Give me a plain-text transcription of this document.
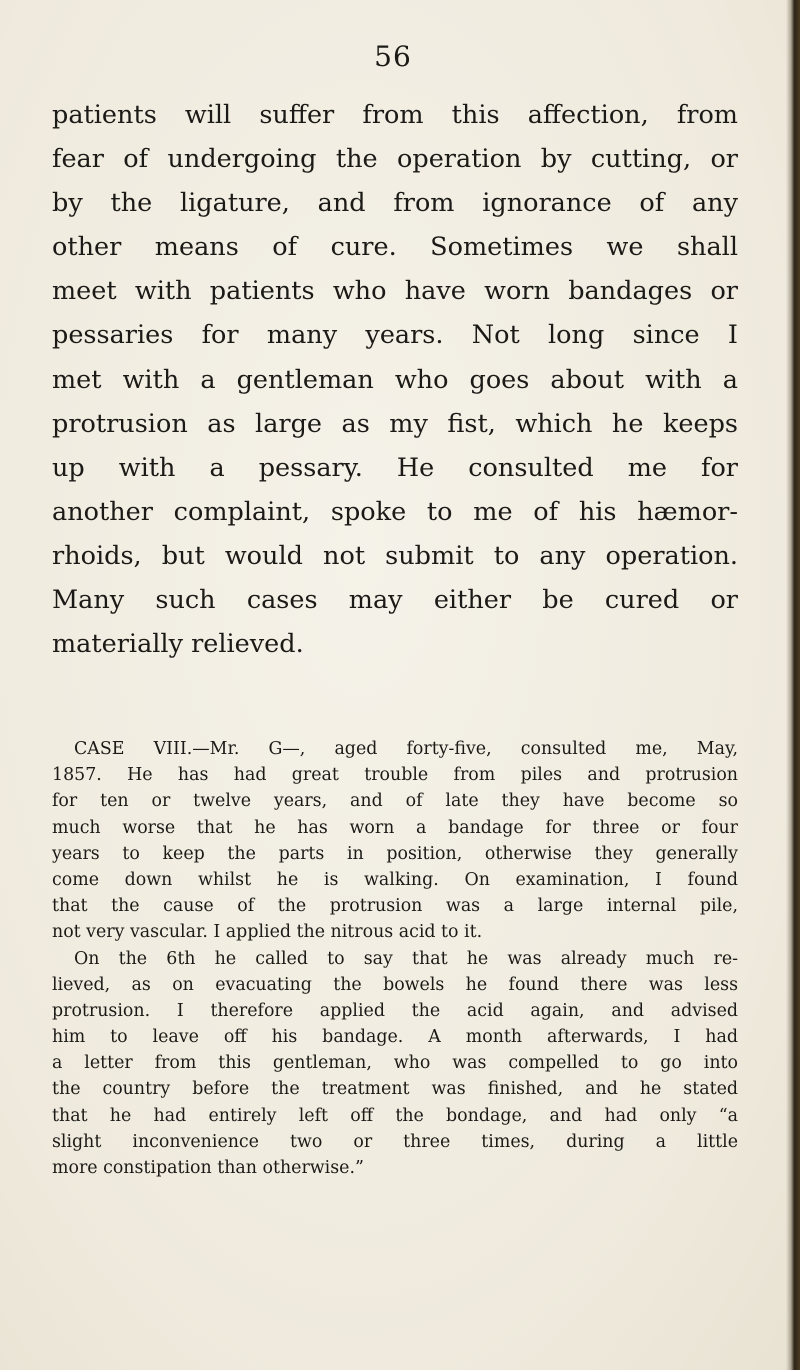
56
patients will suffer from this affection, from
fear of undergoing the operation by cutting, or
by the ligature, and from ignorance of any
other means of cure. Sometimes we shall
meet with patients who have worn bandages or
pessaries for many years. Not long since I
met with a gentleman who goes about with a
protrusion as large as my fist, which he keeps
up with a pessary. He consulted me for
another complaint, spoke to me of his hæmor-
rhoids, but would not submit to any operation.
Many such cases may either be cured or
materially relieved.
CASE VIII.—Mr. G—, aged forty-five, consulted me, May,
1857. He has had great trouble from piles and protrusion
for ten or twelve years, and of late they have become so
much worse that he has worn a bandage for three or four
years to keep the parts in position, otherwise they generally
come down whilst he is walking. On examination, I found
that the cause of the protrusion was a large internal pile,
not very vascular. I applied the nitrous acid to it.
On the 6th he called to say that he was already much re-
lieved, as on evacuating the bowels he found there was less
protrusion. I therefore applied the acid again, and advised
him to leave off his bandage. A month afterwards, I had
a letter from this gentleman, who was compelled to go into
the country before the treatment was finished, and he stated
that he had entirely left off the bondage, and had only “a
slight inconvenience two or three times, during a little
more constipation than otherwise.”
